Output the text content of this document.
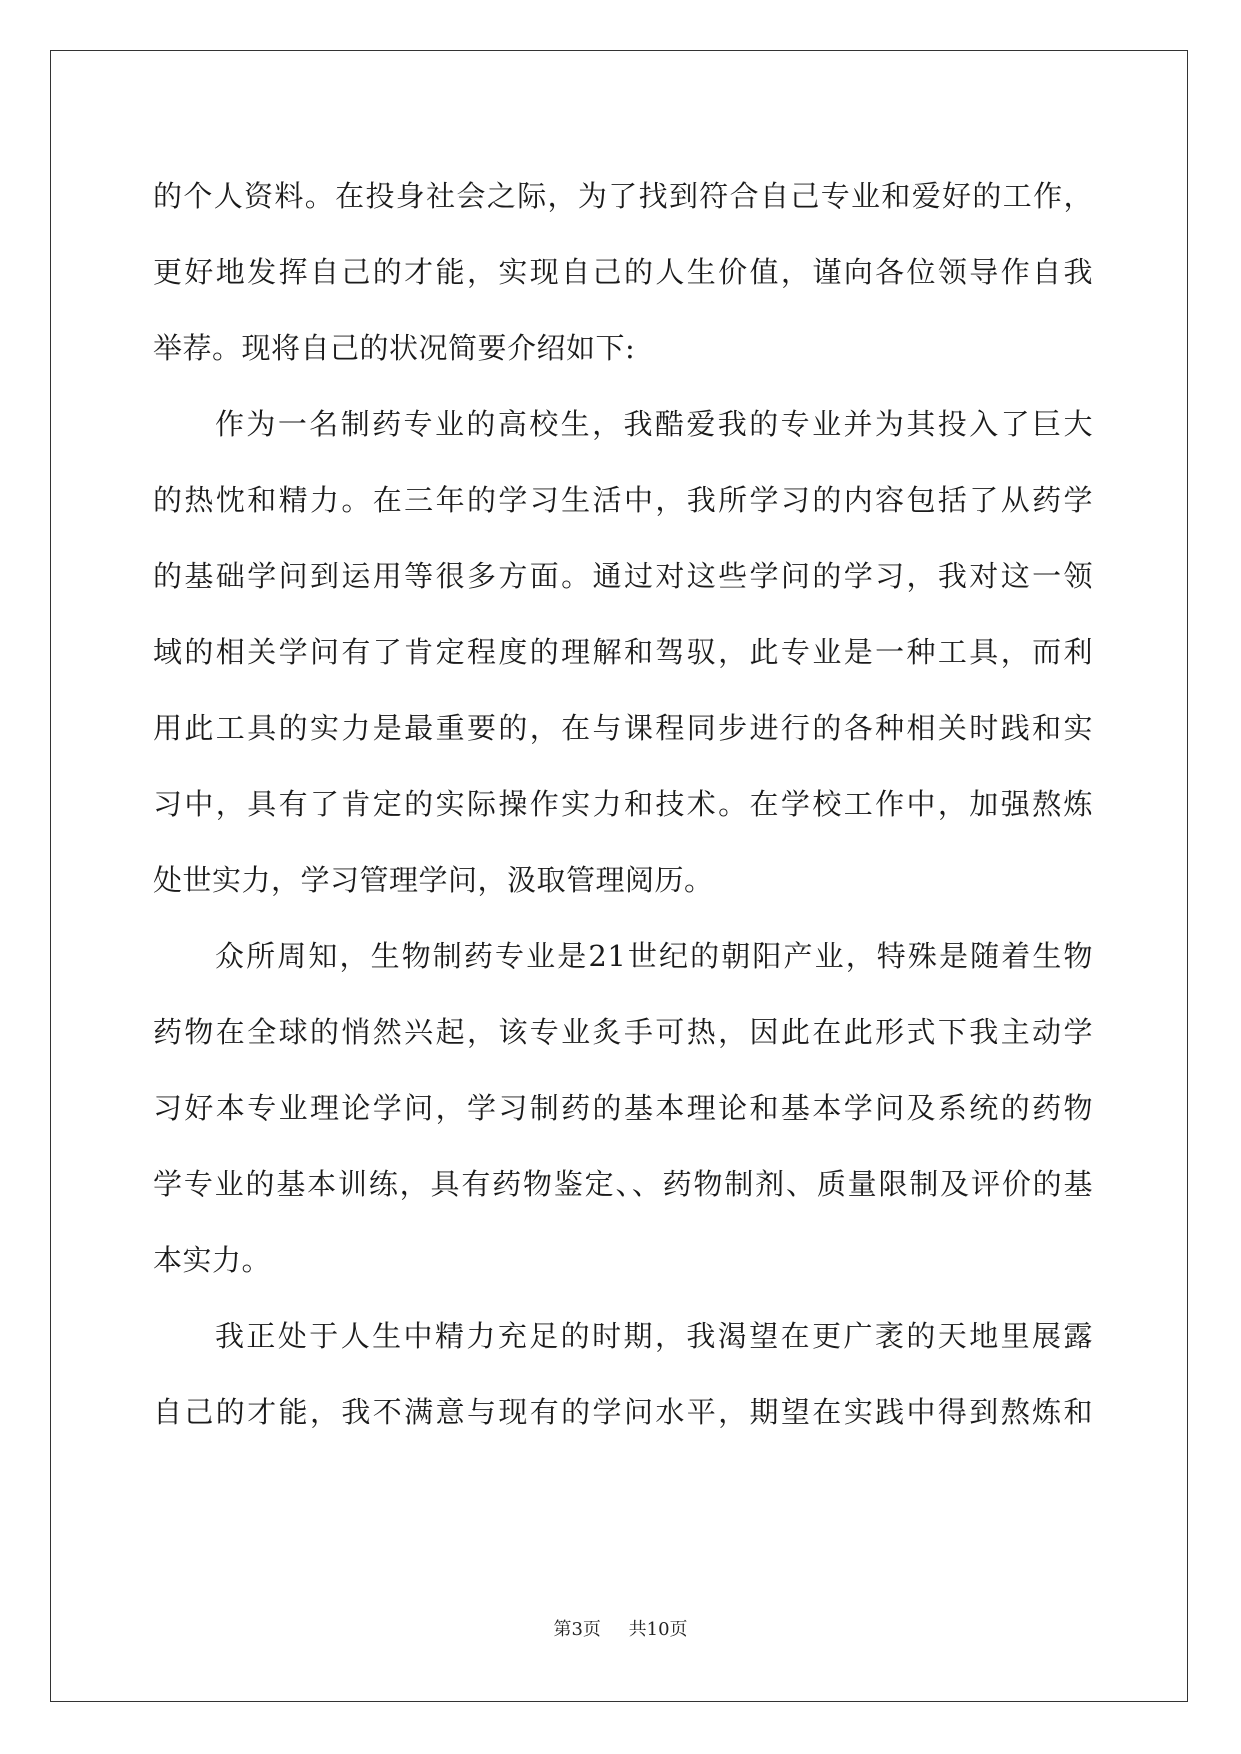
的个人资料。在投身社会之际，为了找到符合自己专业和爱好的工作，
更好地发挥自己的才能，实现自己的人生价值，谨向各位领导作自我
举荐。现将自己的状况简要介绍如下:
作为一名制药专业的高校生，我酷爱我的专业并为其投入了巨大
的热忱和精力。在三年的学习生活中，我所学习的内容包括了从药学
的基础学问到运用等很多方面。通过对这些学问的学习，我对这一领
域的相关学问有了肯定程度的理解和驾驭，此专业是一种工具，而利
用此工具的实力是最重要的，在与课程同步进行的各种相关时践和实
习中，具有了肯定的实际操作实力和技术。在学校工作中，加强熬炼
处世实力，学习管理学问，汲取管理阅历。
众所周知，生物制药专业是21世纪的朝阳产业，特殊是随着生物
药物在全球的悄然兴起，该专业炙手可热，因此在此形式下我主动学
习好本专业理论学问，学习制药的基本理论和基本学问及系统的药物
学专业的基本训练，具有药物鉴定、、药物制剂、质量限制及评价的基
本实力。
我正处于人生中精力充足的时期，我渴望在更广袤的天地里展露
自己的才能，我不满意与现有的学问水平，期望在实践中得到熬炼和
第3页 共10页
